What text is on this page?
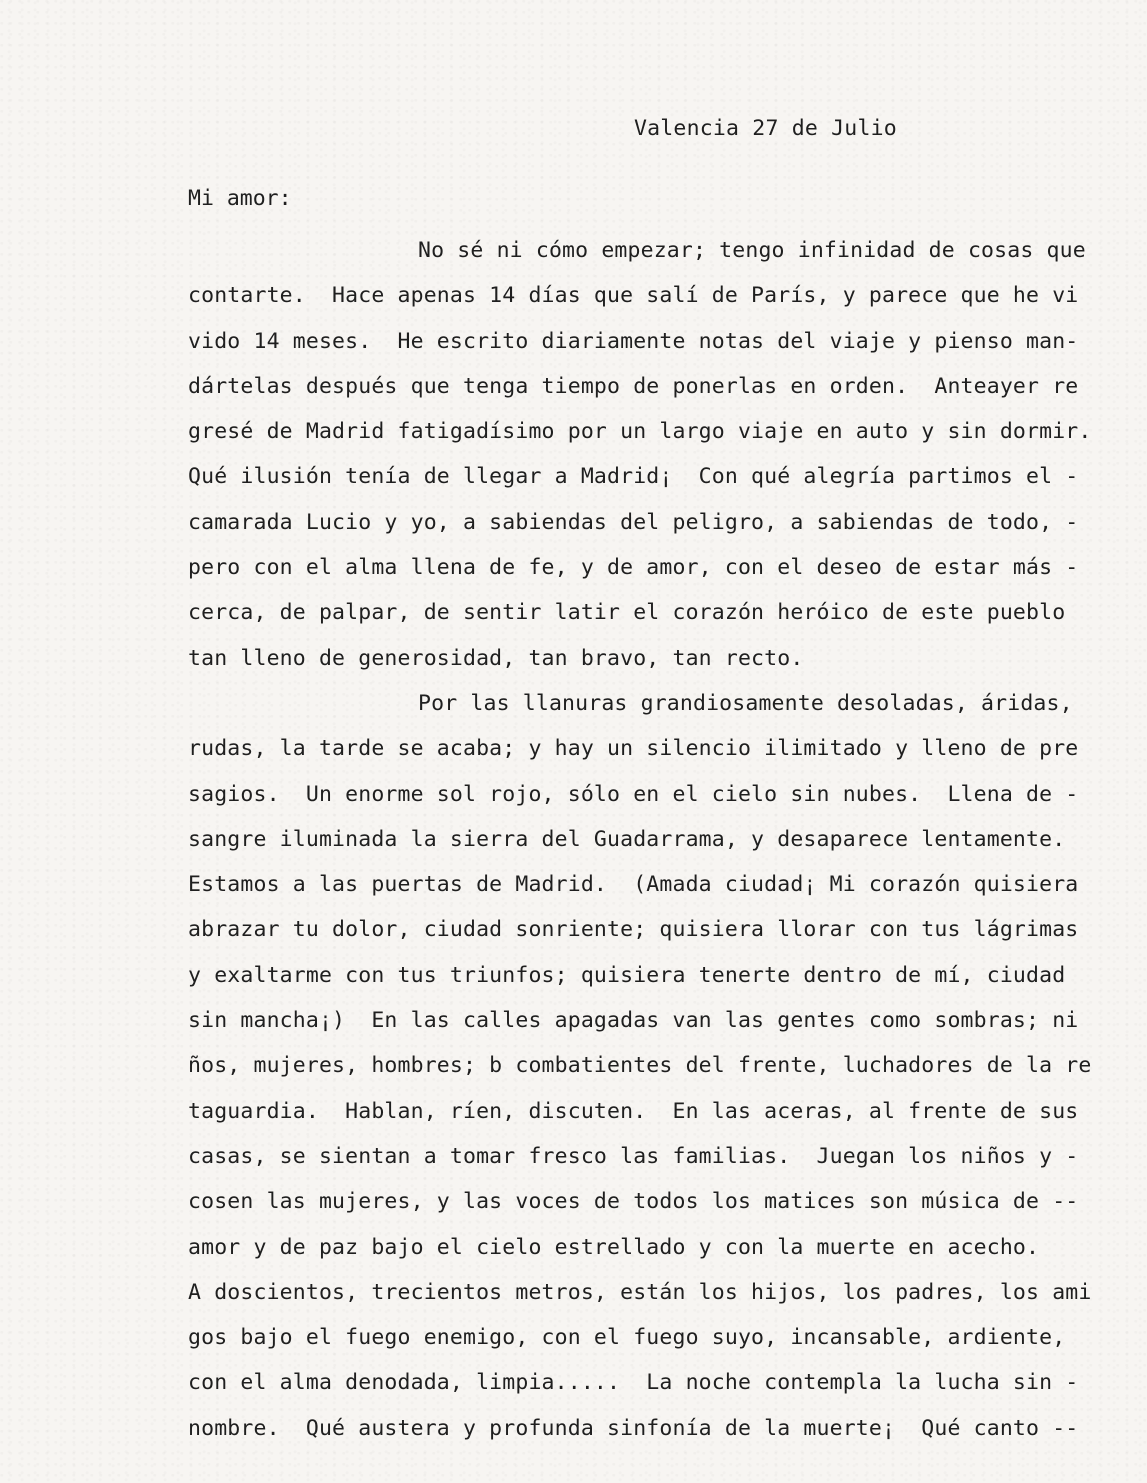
Valencia 27 de Julio
Mi amor:
No sé ni cómo empezar; tengo infinidad de cosas que
contarte.  Hace apenas 14 días que salí de París, y parece que he vi
vido 14 meses.  He escrito diariamente notas del viaje y pienso man-
dártelas después que tenga tiempo de ponerlas en orden.  Anteayer re
gresé de Madrid fatigadísimo por un largo viaje en auto y sin dormir.
Qué ilusión tenía de llegar a Madrid¡  Con qué alegría partimos el -
camarada Lucio y yo, a sabiendas del peligro, a sabiendas de todo, -
pero con el alma llena de fe, y de amor, con el deseo de estar más -
cerca, de palpar, de sentir latir el corazón heróico de este pueblo
tan lleno de generosidad, tan bravo, tan recto.
Por las llanuras grandiosamente desoladas, áridas,
rudas, la tarde se acaba; y hay un silencio ilimitado y lleno de pre
sagios.  Un enorme sol rojo, sólo en el cielo sin nubes.  Llena de -
sangre iluminada la sierra del Guadarrama, y desaparece lentamente.
Estamos a las puertas de Madrid.  (Amada ciudad¡ Mi corazón quisiera
abrazar tu dolor, ciudad sonriente; quisiera llorar con tus lágrimas
y exaltarme con tus triunfos; quisiera tenerte dentro de mí, ciudad
sin mancha¡)  En las calles apagadas van las gentes como sombras; ni
ños, mujeres, hombres; b combatientes del frente, luchadores de la re
taguardia.  Hablan, ríen, discuten.  En las aceras, al frente de sus
casas, se sientan a tomar fresco las familias.  Juegan los niños y -
cosen las mujeres, y las voces de todos los matices son música de --
amor y de paz bajo el cielo estrellado y con la muerte en acecho.
A doscientos, trecientos metros, están los hijos, los padres, los ami
gos bajo el fuego enemigo, con el fuego suyo, incansable, ardiente,
con el alma denodada, limpia.....  La noche contempla la lucha sin -
nombre.  Qué austera y profunda sinfonía de la muerte¡  Qué canto --
